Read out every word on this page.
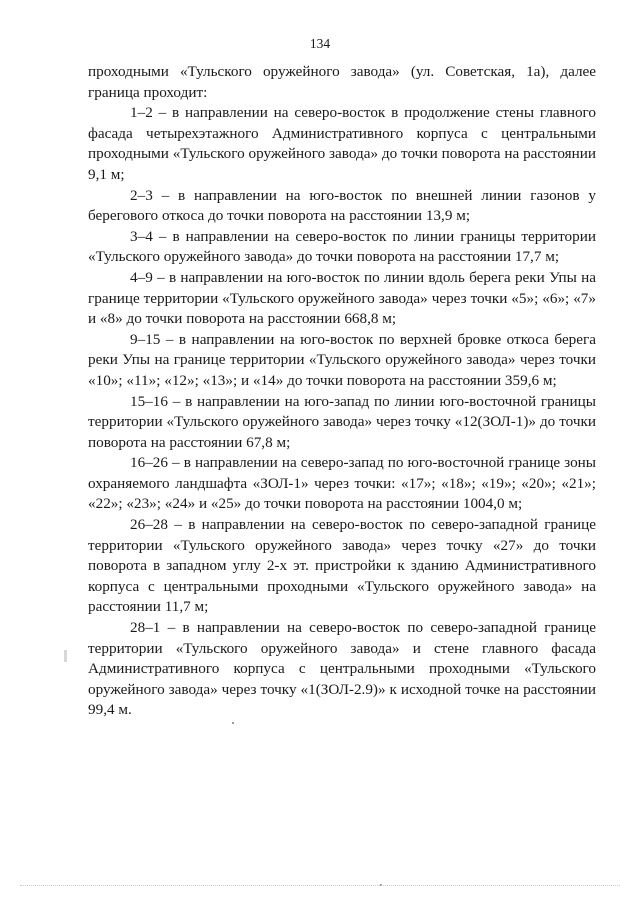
134

проходными «Тульского оружейного завода» (ул. Советская, 1а), далее граница проходит:

1–2 – в направлении на северо-восток в продолжение стены главного фасада четырехэтажного Административного корпуса с центральными проходными «Тульского оружейного завода» до точки поворота на расстоянии 9,1 м;

2–3 – в направлении на юго-восток по внешней линии газонов у берегового откоса до точки поворота на расстоянии 13,9 м;

3–4 – в направлении на северо-восток по линии границы территории «Тульского оружейного завода» до точки поворота на расстоянии 17,7 м;

4–9 – в направлении на юго-восток по линии вдоль берега реки Упы на границе территории «Тульского оружейного завода» через точки «5»; «6»; «7» и «8» до точки поворота на расстоянии 668,8 м;

9–15 – в направлении на юго-восток по верхней бровке откоса берега реки Упы на границе территории «Тульского оружейного завода» через точки «10»; «11»; «12»; «13»; и «14» до точки поворота на расстоянии 359,6 м;

15–16 – в направлении на юго-запад по линии юго-восточной границы территории «Тульского оружейного завода» через точку «12(ЗОЛ-1)» до точки поворота на расстоянии 67,8 м;

16–26 – в направлении на северо-запад по юго-восточной границе зоны охраняемого ландшафта «ЗОЛ-1» через точки: «17»; «18»; «19»; «20»; «21»; «22»; «23»; «24» и «25» до точки поворота на расстоянии 1004,0 м;

26–28 – в направлении на северо-восток по северо-западной границе территории «Тульского оружейного завода» через точку «27» до точки поворота в западном углу 2-х эт. пристройки к зданию Административного корпуса с центральными проходными «Тульского оружейного завода» на расстоянии 11,7 м;

28–1 – в направлении на северо-восток по северо-западной границе территории «Тульского оружейного завода» и стене главного фасада Административного корпуса с центральными проходными «Тульского оружейного завода» через точку «1(ЗОЛ-2.9)» к исходной точке на расстоянии 99,4 м.
